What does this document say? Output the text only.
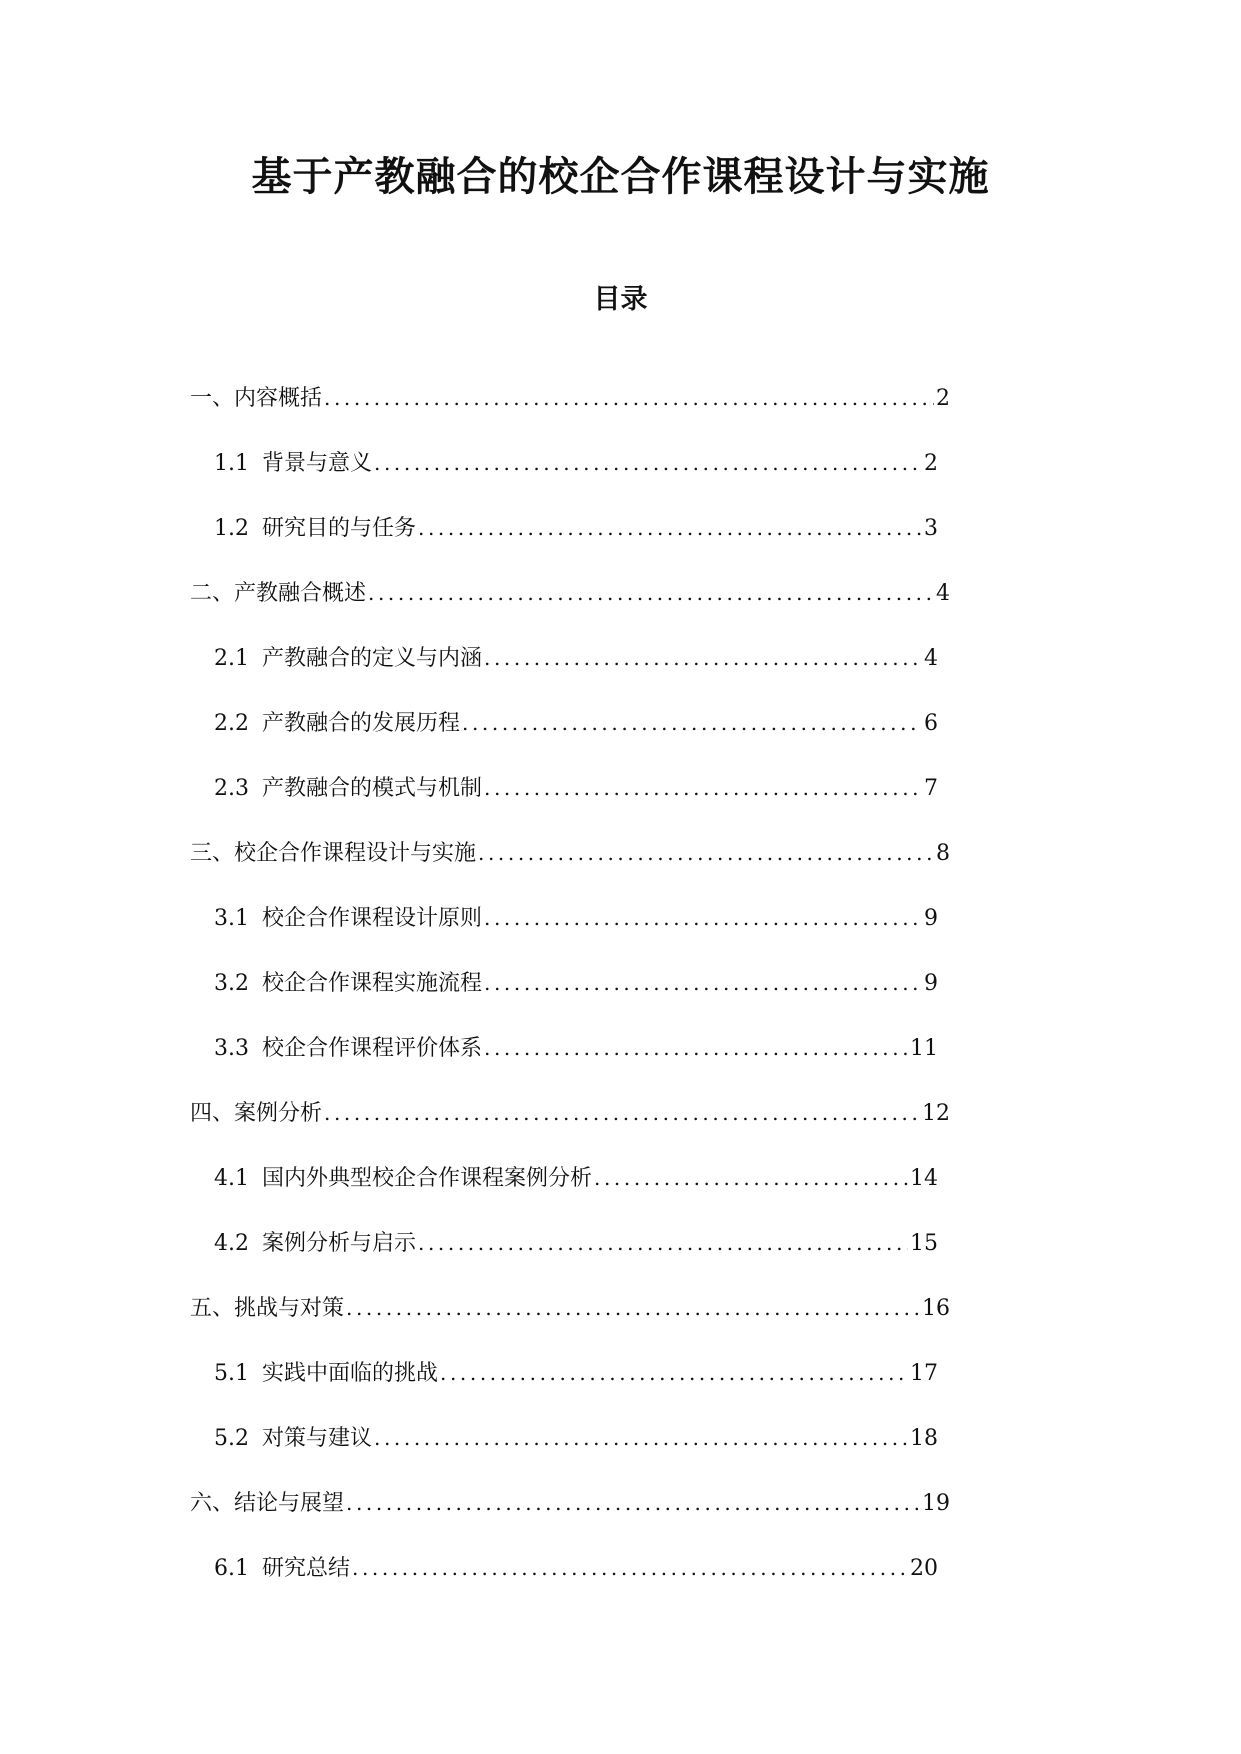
基于产教融合的校企合作课程设计与实施
目录
一、内容概括 .....	2
1.1 背景与意义 .....	2
1.2 研究目的与任务 .....	3
二、产教融合概述 .....	4
2.1 产教融合的定义与内涵 .....	4
2.2 产教融合的发展历程 .....	6
2.3 产教融合的模式与机制 .....	7
三、校企合作课程设计与实施 .....	8
3.1 校企合作课程设计原则 .....	9
3.2 校企合作课程实施流程 .....	9
3.3 校企合作课程评价体系 .....	11
四、案例分析 .....	12
4.1 国内外典型校企合作课程案例分析 .....	14
4.2 案例分析与启示 .....	15
五、挑战与对策 .....	16
5.1 实践中面临的挑战 .....	17
5.2 对策与建议 .....	18
六、结论与展望 .....	19
6.1 研究总结 .....	20
